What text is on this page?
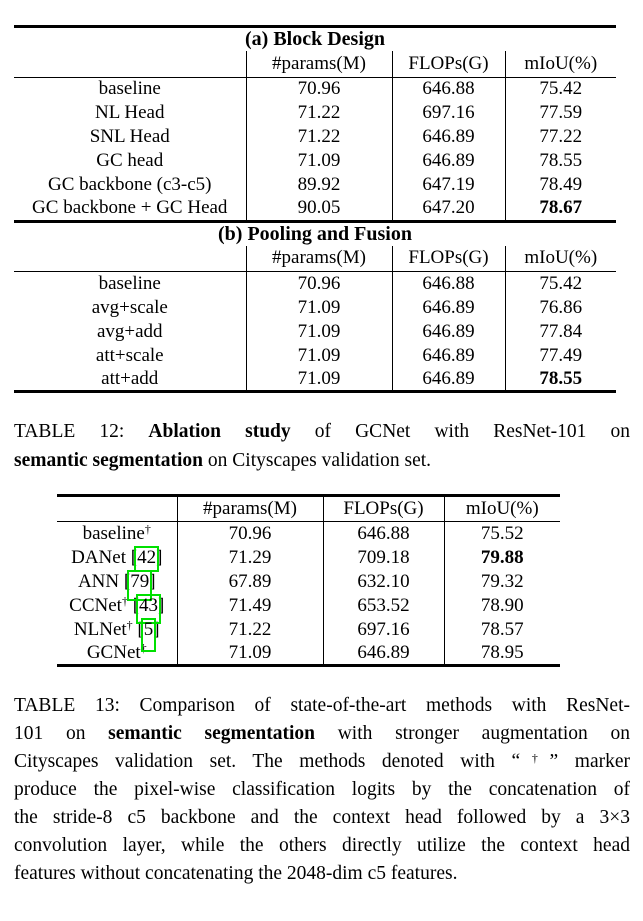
(a) Block Design			
	#params(M)	FLOPs(G)	mIoU(%)
baseline	70.96	646.88	75.42
NL Head	71.22	697.16	77.59
SNL Head	71.22	646.89	77.22
GC head	71.09	646.89	78.55
GC backbone (c3-c5)	89.92	647.19	78.49
GC backbone + GC Head	90.05	647.20	78.67
(b) Pooling and Fusion			
	#params(M)	FLOPs(G)	mIoU(%)
baseline	70.96	646.88	75.42
avg+scale	71.09	646.89	76.86
avg+add	71.09	646.89	77.84
att+scale	71.09	646.89	77.49
att+add	71.09	646.89	78.55
TABLE 12: Ablation study of GCNet with ResNet-101 on
semantic segmentation on Cityscapes validation set.
	#params(M)	FLOPs(G)	mIoU(%)
baseline†	70.96	646.88	75.52
DANet [42]	71.29	709.18	79.88
ANN [79]	67.89	632.10	79.32
CCNet† [43]	71.49	653.52	78.90
NLNet† [5]	71.22	697.16	78.57
GCNet†	71.09	646.89	78.95
TABLE 13: Comparison of state-of-the-art methods with ResNet-
101 on semantic segmentation with stronger augmentation on
Cityscapes validation set. The methods denoted with “†” marker
produce the pixel-wise classification logits by the concatenation of
the stride-8 c5 backbone and the context head followed by a 3×3
convolution layer, while the others directly utilize the context head
features without concatenating the 2048-dim c5 features.
